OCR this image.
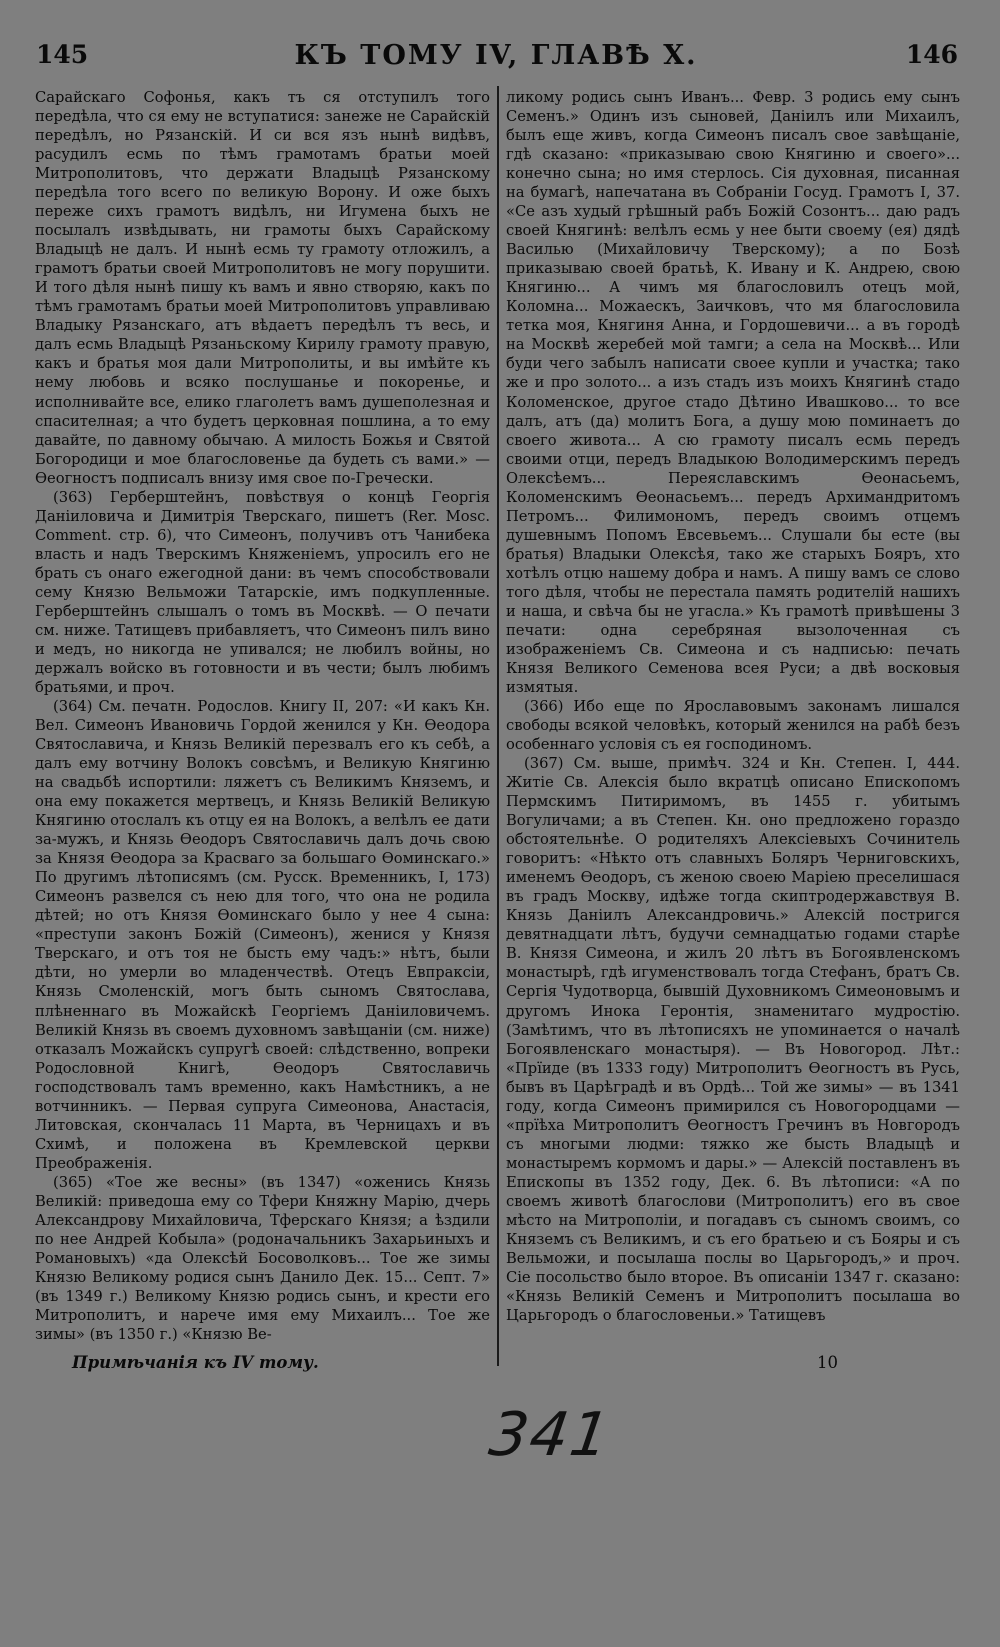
145	КЪ ТОМУ IV, ГЛАВѢ Х.	146

Сарайскаго Софонья, какъ тъ ся отступилъ того передѣла, что ся ему не вступатися: занеже не Сарайскій передѣлъ, но Рязанскій. И си вся язъ нынѣ видѣвъ, расудилъ есмь по тѣмъ грамотамъ братьи моей Митрополитовъ, что держати Владыцѣ Рязанскому передѣла того всего по великую Ворону. И оже быхъ переже сихъ грамотъ видѣлъ, ни Игумена быхъ не посылалъ извѣдывать, ни грамоты быхъ Сарайскому Владыцѣ не далъ. И нынѣ есмь ту грамоту отложилъ, а грамотъ братьи своей Митрополитовъ не могу порушити. И того дѣля нынѣ пишу къ вамъ и явно створяю, какъ по тѣмъ грамотамъ братьи моей Митрополитовъ управливаю Владыку Рязанскаго, атъ вѣдаетъ передѣлъ тъ весь, и далъ есмь Владыцѣ Рязаньскому Кирилу грамоту правую, какъ и братья моя дали Митрополиты, и вы имѣйте къ нему любовь и всяко послушанье и покоренье, и исполнивайте все, елико глаголетъ вамъ душеполезная и спасителная; а что будетъ церковная пошлина, а то ему давайте, по давному обычаю. А милость Божья и Святой Богородици и мое благословенье да будеть съ вами.» — Ѳеогностъ подписалъ внизу имя свое по-Гречески.

(363) Герберштейнъ, повѣствуя о концѣ Георгія Даніиловича и Димитрія Тверскаго, пишетъ (Rer. Mosc. Comment. стр. 6), что Симеонъ, получивъ отъ Чанибека власть и надъ Тверскимъ Княженіемъ, упросилъ его не брать съ онаго ежегодной дани: въ чемъ способствовали сему Князю Вельможи Татарскіе, имъ подкупленные. Герберштейнъ слышалъ о томъ въ Москвѣ. — О печати см. ниже. Татищевъ прибавляетъ, что Симеонъ пилъ вино и медъ, но никогда не упивался; не любилъ войны, но держалъ войско въ готовности и въ чести; былъ любимъ братьями, и проч.

(364) См. печатн. Родослов. Книгу II, 207: «И какъ Кн. Вел. Симеонъ Ивановичь Гордой женился у Кн. Ѳеодора Святославича, и Князь Великій перезвалъ его къ себѣ, а далъ ему вотчину Волокъ совсѣмъ, и Великую Княгиню на свадьбѣ испортили: ляжетъ съ Великимъ Княземъ, и она ему покажется мертвецъ, и Князь Великій Великую Княгиню отослалъ къ отцу ея на Волокъ, а велѣлъ ее дати за-мужъ, и Князь Ѳеодоръ Святославичь далъ дочь свою за Князя Ѳеодора за Красваго за большаго Ѳоминскаго.» По другимъ лѣтописямъ (см. Русск. Временникъ, I, 173) Симеонъ развелся съ нею для того, что она не родила дѣтей; но отъ Князя Ѳоминскаго было у нее 4 сына: «преступи законъ Божій (Симеонъ), женися у Князя Тверскаго, и отъ тоя не бысть ему чадъ:» нѣтъ, были дѣти, но умерли во младенчествѣ. Отецъ Евпраксіи, Князь Смоленскій, могъ быть сыномъ Святослава, плѣненнаго въ Можайскѣ Георгіемъ Даніиловичемъ. Великій Князь въ своемъ духовномъ завѣщаніи (см. ниже) отказалъ Можайскъ супругѣ своей: слѣдственно, вопреки Родословной Книгѣ, Ѳеодоръ Святославичь господствовалъ тамъ временно, какъ Намѣстникъ, а не вотчинникъ. — Первая супруга Симеонова, Анастасія, Литовская, скончалась 11 Марта, въ Черницахъ и въ Схимѣ, и положена въ Кремлевской церкви Преображенія.

(365) «Тое же весны» (въ 1347) «оженись Князь Великій: приведоша ему со Тфери Княжну Марію, дчерь Александрову Михайловича, Тферскаго Князя; а ѣздили по нее Андрей Кобыла» (родоначальникъ Захарьиныхъ и Романовыхъ) «да Олексѣй Босоволковъ... Тое же зимы Князю Великому родися сынъ Данило Дек. 15... Септ. 7» (въ 1349 г.) Великому Князю родись сынъ, и крести его Митрополитъ, и нарече имя ему Михаилъ... Тое же зимы» (въ 1350 г.) «Князю Ве-

ликому родись сынъ Иванъ... Февр. 3 родись ему сынъ Семенъ.» Одинъ изъ сыновей, Даніилъ или Михаилъ, былъ еще живъ, когда Симеонъ писалъ свое завѣщаніе, гдѣ сказано: «приказываю свою Княгиню и своего»... конечно сына; но имя стерлось. Сія духовная, писанная на бумагѣ, напечатана въ Собраніи Госуд. Грамотъ I, 37. «Се азъ худый грѣшный рабъ Божій Созонтъ... даю радъ своей Княгинѣ: велѣлъ есмь у нее быти своему (ея) дядѣ Василью (Михайловичу Тверскому); а по Бозѣ приказываю своей братьѣ, К. Ивану и К. Андрею, свою Княгиню... А чимъ мя благословилъ отецъ мой, Коломна... Можаескъ, Заичковъ, что мя благословила тетка моя, Княгиня Анна, и Гордошевичи... а въ городѣ на Москвѣ жеребей мой тамги; а села на Москвѣ... Или буди чего забылъ написати своее купли и участка; тако же и про золото... а изъ стадъ изъ моихъ Княгинѣ стадо Коломенское, другое стадо Дѣтино Ивашково... то все далъ, атъ (да) молитъ Бога, а душу мою поминаетъ до своего живота... А сю грамоту писалъ есмь передъ своими отци, передъ Владыкою Володимерскимъ передъ Олексѣемъ... Переяславскимъ Ѳеонасьемъ, Коломенскимъ Ѳеонасьемъ... передъ Архимандритомъ Петромъ... Филимономъ, передъ своимъ отцемъ душевнымъ Попомъ Евсевьемъ... Слушали бы есте (вы братья) Владыки Олексѣя, тако же старыхъ Бояръ, хто хотѣлъ отцю нашему добра и намъ. А пишу вамъ се слово того дѣля, чтобы не перестала память родителій нашихъ и наша, и свѣча бы не угасла.» Къ грамотѣ привѣшены 3 печати: одна серебряная вызолоченная съ изображеніемъ Св. Симеона и съ надписью: печать Князя Великого Семенова всея Руси; а двѣ восковыя измятыя.

(366) Ибо еще по Ярославовымъ законамъ лишался свободы всякой человѣкъ, который женился на рабѣ безъ особеннаго условія съ ея господиномъ.

(367) См. выше, примѣч. 324 и Кн. Степен. I, 444. Житіе Св. Алексія было вкратцѣ описано Епископомъ Пермскимъ Питиримомъ, въ 1455 г. убитымъ Вогуличами; а въ Степен. Кн. оно предложено гораздо обстоятельнѣе. О родителяхъ Алексіевыхъ Сочинитель говоритъ: «Нѣкто отъ славныхъ Боляръ Черниговскихъ, именемъ Ѳеодоръ, съ женою своею Маріею преселишася въ градъ Москву, идѣже тогда скиптродержавствуя В. Князь Даніилъ Александровичь.» Алексій постригся девятнадцати лѣтъ, будучи семнадцатью годами старѣе В. Князя Симеона, и жилъ 20 лѣтъ въ Богоявленскомъ монастырѣ, гдѣ игуменствовалъ тогда Стефанъ, братъ Св. Сергія Чудотворца, бывшій Духовникомъ Симеоновымъ и другомъ Инока Геронтія, знаменитаго мудростію. (Замѣтимъ, что въ лѣтописяхъ не упоминается о началѣ Богоявленскаго монастыря). — Въ Новогород. Лѣт.: «Прїиде (въ 1333 году) Митрополитъ Ѳеогностъ въ Русь, бывъ въ Царѣградѣ и въ Ордѣ... Той же зимы» — въ 1341 году, когда Симеонъ примирился съ Новогородцами — «прїѣха Митрополитъ Ѳеогностъ Гречинъ въ Новгородъ съ многыми людми: тяжко же бысть Владыцѣ и монастыремъ кормомъ и дары.» — Алексій поставленъ въ Епископы въ 1352 году, Дек. 6. Въ лѣтописи: «А по своемъ животѣ благослови (Митрополитъ) его въ свое мѣсто на Митрополіи, и погадавъ съ сыномъ своимъ, со Княземъ съ Великимъ, и съ его братьею и съ Бояры и съ Вельможи, и посылаша послы во Царьгородъ,» и проч. Сіе посольство было второе. Въ описаніи 1347 г. сказано: «Князь Великій Семенъ и Митрополитъ посылаша во Царьгородъ о благословеньи.» Татищевъ

Примѣчанія къ IV тому.	10
341
